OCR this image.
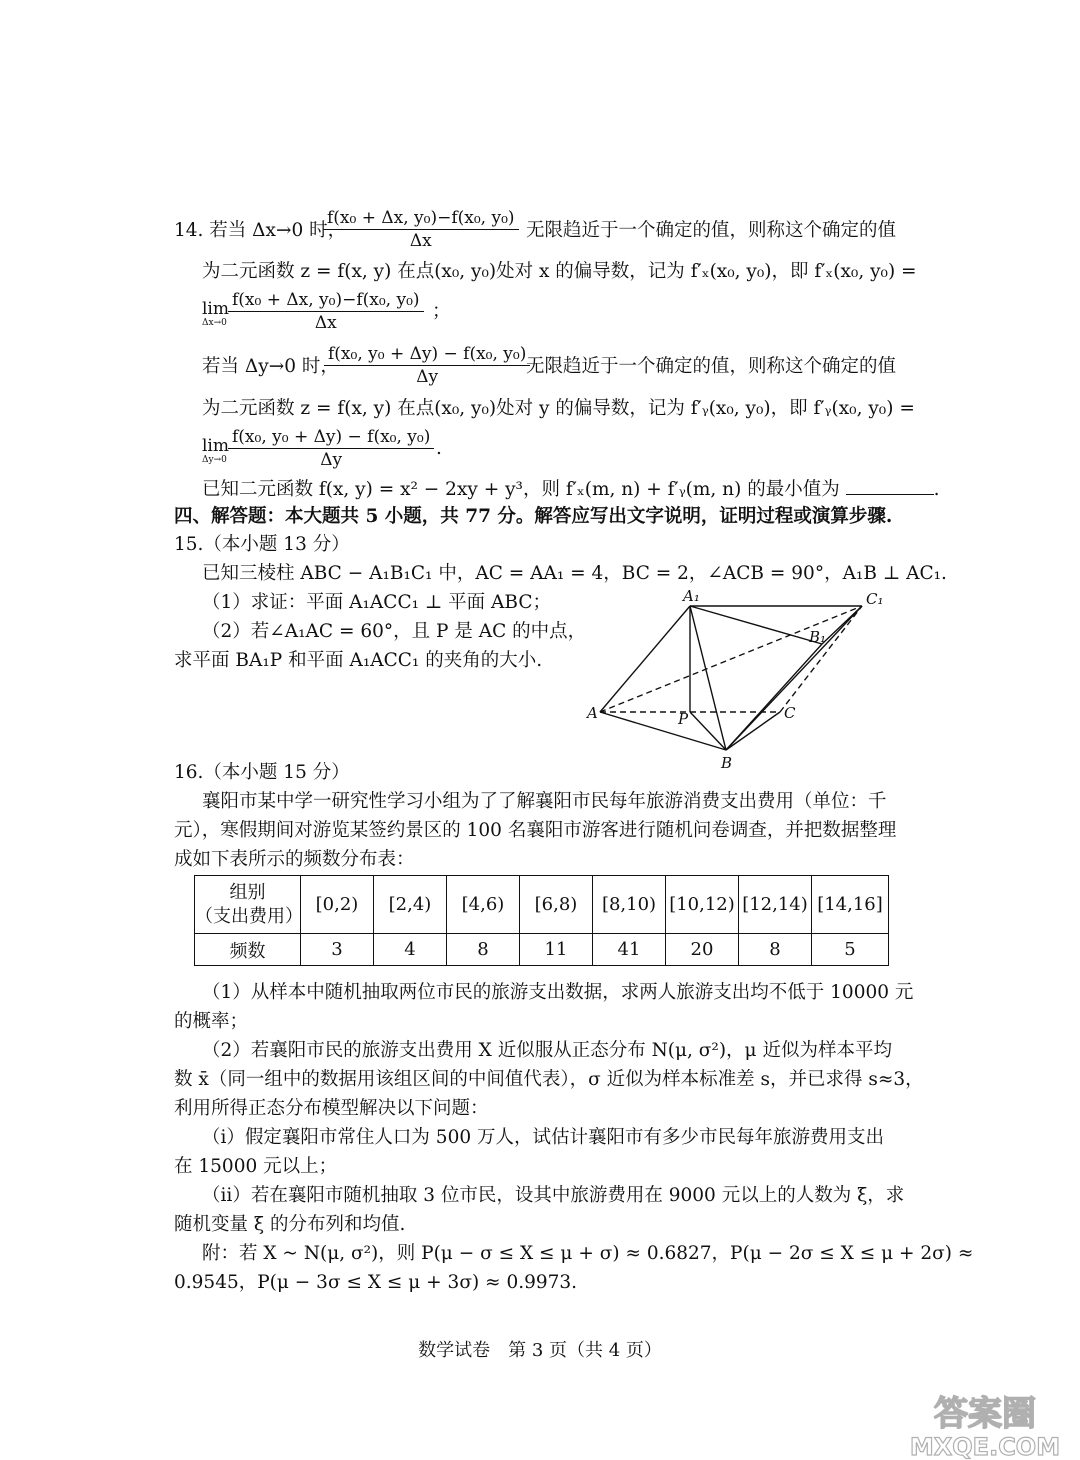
14. 若当 Δx→0 时，
$\frac{\text{f(x₀ + Δx, y₀)−f(x₀, y₀)}}{\Delta x}$ 无限趋近于一个确定的值，则称这个确定的值
为二元函数 z = f(x, y) 在点(x₀, y₀)处对 x 的偏导数，记为 f′ₓ(x₀, y₀)，即 f′ₓ(x₀, y₀) =
lim
$\Delta x\to 0 \frac{\text{f(x₀ + Δx, y₀)−f(x₀, y₀)}}{\Delta x}$ ；
若当 Δy→0 时，
$\frac{\text{f(x₀, y₀ + Δy) − f(x₀, y₀)}}{\Delta y}$
无限趋近于一个确定的值，则称这个确定的值
为二元函数 z = f(x, y) 在点(x₀, y₀)处对 y 的偏导数，记为 f′ᵧ(x₀, y₀)，即 f′ᵧ(x₀, y₀) =
lim
$\Delta y\to 0 \frac{\text{f(x₀, y₀ + Δy) − f(x₀, y₀)}}{\Delta y}$ .
已知二元函数 f(x, y) = x² − 2xy + y³，则 f′ₓ(m, n) + f′ᵧ(m, n) 的最小值为	.
四、解答题：本大题共 5 小题，共 77 分。解答应写出文字说明，证明过程或演算步骤.
15.（本小题 13 分）
已知三棱柱 ABC − A₁B₁C₁ 中，AC = AA₁ = 4，BC = 2，∠ACB = 90°，A₁B ⊥ AC₁.
（1）求证：平面 A₁ACC₁ ⊥ 平面 ABC；
（2）若∠A₁AC = 60°，且 P 是 AC 的中点，
求平面 BA₁P 和平面 A₁ACC₁ 的夹角的大小.
A₁	C₁
B₁
A	P	C
B
16.（本小题 15 分）
襄阳市某中学一研究性学习小组为了了解襄阳市民每年旅游消费支出费用（单位：千
元），寒假期间对游览某签约景区的 100 名襄阳市游客进行随机问卷调查，并把数据整理
成如下表所示的频数分布表：
组别
（支出费用）	[0,2)	[2,4)	[4,6)	[6,8)	[8,10)	[10,12)	[12,14)	[14,16]
频数	3	4	8	11	41	20	8	5
（1）从样本中随机抽取两位市民的旅游支出数据，求两人旅游支出均不低于 10000 元
的概率；
（2）若襄阳市民的旅游支出费用 X 近似服从正态分布 N(μ, σ²)，μ 近似为样本平均
数 x̄（同一组中的数据用该组区间的中间值代表），σ 近似为样本标准差 s，并已求得 s≈3，
利用所得正态分布模型解决以下问题：
（ⅰ）假定襄阳市常住人口为 500 万人，试估计襄阳市有多少市民每年旅游费用支出
在 15000 元以上；
（ⅱ）若在襄阳市随机抽取 3 位市民，设其中旅游费用在 9000 元以上的人数为 ξ，求
随机变量 ξ 的分布列和均值.
附：若 X ~ N(μ, σ²)，则 P(μ − σ ≤ X ≤ μ + σ) ≈ 0.6827，P(μ − 2σ ≤ X ≤ μ + 2σ) ≈
0.9545，P(μ − 3σ ≤ X ≤ μ + 3σ) ≈ 0.9973.
数学试卷　第 3 页（共 4 页）
答案圈
MXQE.COM
